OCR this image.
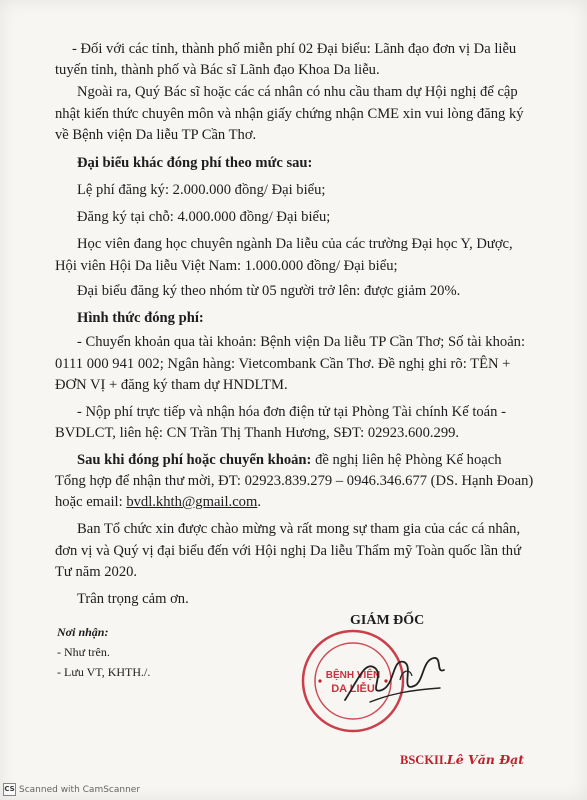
- Đối với các tỉnh, thành phố miễn phí 02 Đại biểu: Lãnh đạo đơn vị Da liễu
tuyến tỉnh, thành phố và Bác sĩ Lãnh đạo Khoa Da liễu.
Ngoài ra, Quý Bác sĩ hoặc các cá nhân có nhu cầu tham dự Hội nghị để cập
nhật kiến thức chuyên môn và nhận giấy chứng nhận CME xin vui lòng đăng ký
về Bệnh viện Da liễu TP Cần Thơ.
Đại biểu khác đóng phí theo mức sau:
Lệ phí đăng ký: 2.000.000 đồng/ Đại biểu;
Đăng ký tại chỗ: 4.000.000 đồng/ Đại biểu;
Học viên đang học chuyên ngành Da liễu của các trường Đại học Y, Dược,
Hội viên Hội Da liễu Việt Nam: 1.000.000 đồng/ Đại biểu;
Đại biểu đăng ký theo nhóm từ 05 người trở lên: được giảm 20%.
Hình thức đóng phí:
- Chuyển khoản qua tài khoản: Bệnh viện Da liễu TP Cần Thơ; Số tài khoản:
0111 000 941 002; Ngân hàng: Vietcombank Cần Thơ. Đề nghị ghi rõ: TÊN +
ĐƠN VỊ + đăng ký tham dự HNDLTM.
- Nộp phí trực tiếp và nhận hóa đơn điện tử tại Phòng Tài chính Kế toán -
BVDLCT, liên hệ: CN Trần Thị Thanh Hương, SĐT: 02923.600.299.
Sau khi đóng phí hoặc chuyển khoản: đề nghị liên hệ Phòng Kế hoạch
Tổng hợp để nhận thư mời, ĐT: 02923.839.279 – 0946.346.677 (DS. Hạnh Đoan)
hoặc email: bvdl.khth@gmail.com.
Ban Tổ chức xin được chào mừng và rất mong sự tham gia của các cá nhân,
đơn vị và Quý vị đại biểu đến với Hội nghị Da liễu Thẩm mỹ Toàn quốc lần thứ
Tư năm 2020.
Trân trọng cảm ơn.
Nơi nhận:
- Như trên.
- Lưu VT, KHTH./.
GIÁM ĐỐC
BỆNH VIỆN
DA LIỄU
BSCKII.Lê Văn Đạt
CS Scanned with CamScanner
